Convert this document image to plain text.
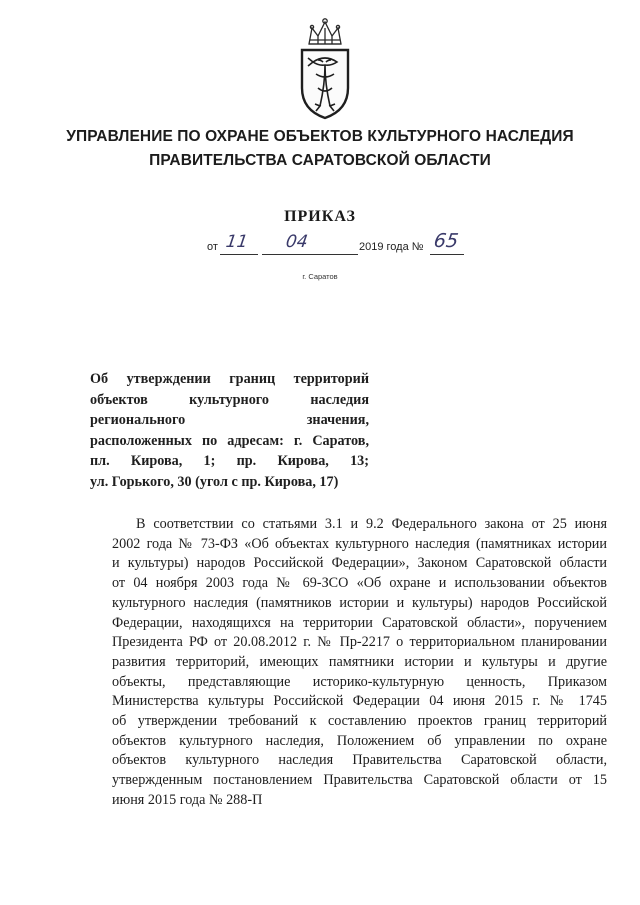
УПРАВЛЕНИЕ ПО ОХРАНЕ ОБЪЕКТОВ КУЛЬТУРНОГО НАСЛЕДИЯ
ПРАВИТЕЛЬСТВА САРАТОВСКОЙ ОБЛАСТИ
ПРИКАЗ
от 11 04	2019 года № 65
г. Саратов
Об утверждении границ территорий
объектов культурного наследия
регионального значения,
расположенных по адресам: г. Саратов,
пл. Кирова, 1; пр. Кирова, 13;
ул. Горького, 30 (угол с пр. Кирова, 17)
В соответствии со статьями 3.1 и 9.2 Федерального закона от 25 июня
2002 года № 73-ФЗ «Об объектах культурного наследия (памятниках истории
и культуры) народов Российской Федерации», Законом Саратовской области
от 04 ноября 2003 года № 69-ЗСО «Об охране и использовании объектов
культурного наследия (памятников истории и культуры) народов Российской
Федерации, находящихся на территории Саратовской области», поручением
Президента РФ от 20.08.2012 г. № Пр-2217 о территориальном планировании
развития территорий, имеющих памятники истории и культуры и другие
объекты, представляющие историко-культурную ценность, Приказом
Министерства культуры Российской Федерации 04 июня 2015 г. № 1745
об утверждении требований к составлению проектов границ территорий
объектов культурного наследия, Положением об управлении по охране
объектов культурного наследия Правительства Саратовской области,
утвержденным постановлением Правительства Саратовской области от 15
июня 2015 года № 288-П
